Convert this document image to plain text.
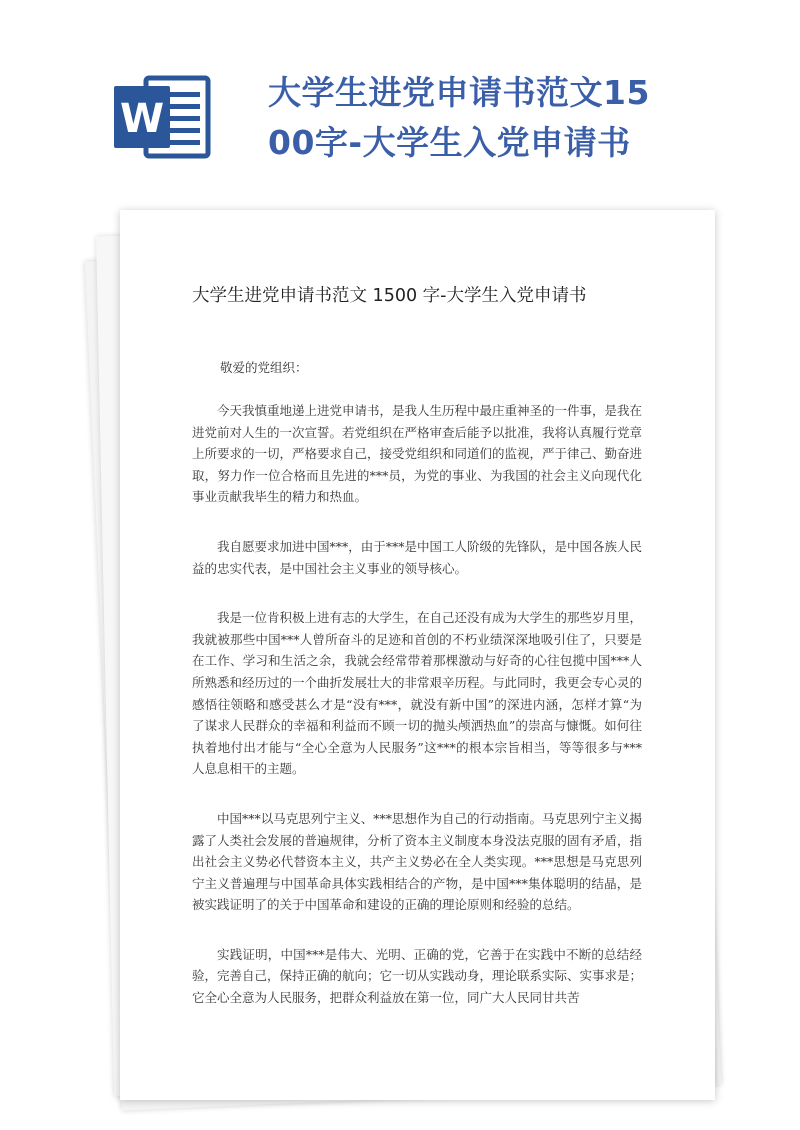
W
大学生进党申请书范文1500字-大学生入党申请书
大学生进党申请书范文 1500 字-大学生入党申请书
敬爱的党组织：

今天我慎重地递上进党申请书，是我人生历程中最庄重神圣的一件事，是我在进党前对人生的一次宣誓。若党组织在严格审查后能予以批准，我将认真履行党章上所要求的一切，严格要求自己，接受党组织和同道们的监视，严于律己、勤奋进取，努力作一位合格而且先进的***员，为党的事业、为我国的社会主义向现代化事业贡献我毕生的精力和热血。

我自愿要求加进中国***，由于***是中国工人阶级的先锋队，是中国各族人民益的忠实代表，是中国社会主义事业的领导核心。

我是一位肯积极上进有志的大学生，在自己还没有成为大学生的那些岁月里，我就被那些中国***人曾所奋斗的足迹和首创的不朽业绩深深地吸引住了，只要是在工作、学习和生活之余，我就会经常带着那棵激动与好奇的心往包揽中国***人所熟悉和经历过的一个曲折发展壮大的非常艰辛历程。与此同时，我更会专心灵的感悟往领略和感受甚么才是“没有***，就没有新中国”的深进内涵，怎样才算“为了谋求人民群众的幸福和利益而不顾一切的抛头颅洒热血”的崇高与慷慨。如何往执着地付出才能与“全心全意为人民服务”这***的根本宗旨相当，等等很多与***人息息相干的主题。

中国***以马克思列宁主义、***思想作为自己的行动指南。马克思列宁主义揭露了人类社会发展的普遍规律，分析了资本主义制度本身没法克服的固有矛盾，指出社会主义势必代替资本主义，共产主义势必在全人类实现。***思想是马克思列宁主义普遍理与中国革命具体实践相结合的产物，是中国***集体聪明的结晶，是被实践证明了的关于中国革命和建设的正确的理论原则和经验的总结。

实践证明，中国***是伟大、光明、正确的党，它善于在实践中不断的总结经验，完善自己，保持正确的航向；它一切从实践动身，理论联系实际、实事求是；它全心全意为人民服务，把群众利益放在第一位，同广大人民同甘共苦
